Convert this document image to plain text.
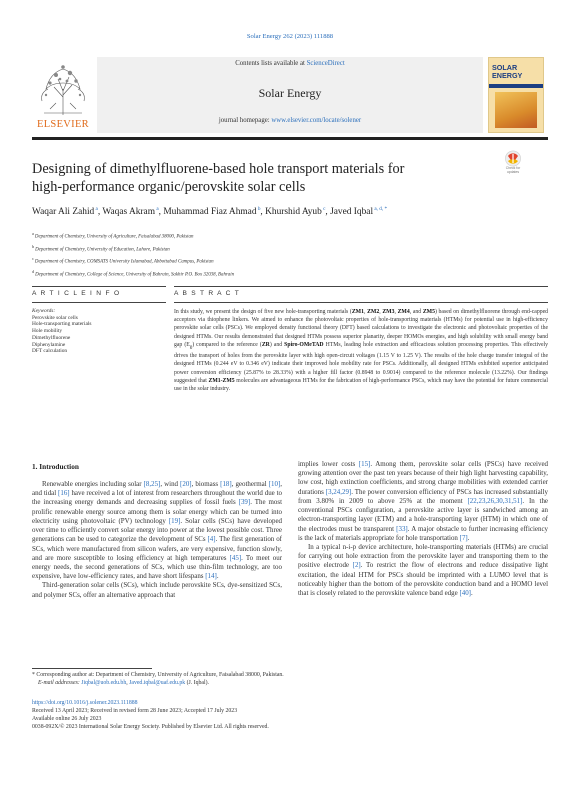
Solar Energy 262 (2023) 111888
ELSEVIER
Contents lists available at ScienceDirect
Solar Energy
journal homepage: www.elsevier.com/locate/solener
SOLAR
ENERGY
Designing of dimethylfluorene-based hole transport materials for
high-performance organic/perovskite solar cells
Check for
updates
Waqar Ali Zahid $^a$, Waqas Akram $^a$, Muhammad Fiaz Ahmad $^b$, Khurshid Ayub $^c$, Javed Iqbal $^{a, d, *}$
$^a$ Department of Chemistry, University of Agriculture, Faisalabad 38000, Pakistan
$^b$ Department of Chemistry, University of Education, Lahore, Pakistan
$^c$ Department of Chemistry, COMSATS University Islamabad, Abbottabad Campus, Pakistan
$^d$ Department of Chemistry, College of Science, University of Bahrain, Sakhir P.O. Box 32038, Bahrain
A R T I C L E I N F O	A B S T R A C T
Keywords:
Perovskite solar cells
Hole-transporting materials
Hole mobility
Dimethylfluorene
Diphenylamine
DFT calculation
In this study, we present the design of five new hole-transporting materials (ZM1, ZM2, ZM3, ZM4, and ZM5) based on dimethylfluorene through end-capped acceptors via thiophene linkers. We aimed to enhance the photovoltaic properties of hole-transporting materials (HTMs) for potential use in high-efficiency perovskite solar cells (PSCs). We employed density functional theory (DFT) based calculations to investigate the electronic and photovoltaic properties of the designed HTMs. Our results demonstrated that designed HTMs possess superior planarity, deeper HOMOs energies, and high solubility with small energy band gap $(E_g)$ compared to the reference (ZR) and Spiro-OMeTAD HTMs, leading hole extraction and efficacious solution processing properties. This effectively drives the transport of holes from the perovskite layer with high open-circuit voltages (1.15 V to 1.25 V). The results of the hole charge transfer integral of the designed HTMs (0.244 eV to 0.346 eV) indicate their improved hole mobility rate for PSCs. Additionally, all designed HTMs exhibited superior anticipated power conversion efficiency (25.87% to 28.33%) with a higher fill factor (0.8948 to 0.9014) compared to the reference molecule (13.22%). Our findings suggested that ZM1-ZM5 molecules are advantageous HTMs for the fabrication of high-performance PSCs, which may have the potential for future commercial use in the solar industry.
1. Introduction

Renewable energies including solar [8,25], wind [20], biomass [18], geothermal [10], and tidal [16] have received a lot of interest from researchers throughout the world due to the increasing energy demands and decreasing supplies of fossil fuels [39]. The most prolific renewable energy source among them is solar energy which can be turned into electricity using photovoltaic (PV) technology [19]. Solar cells (SCs) have developed over time to efficiently convert solar energy into power at the lowest possible cost. Three generations can be used to categorize the development of SCs [4]. The first generation of SCs, which were manufactured from silicon wafers, are very expensive, function slowly, and are more susceptible to losing efficiency at high temperatures [45]. To meet our energy needs, the second generations of SCs, which use thin-film technology, are too expensive, have low-efficiency rates, and have short lifespans [14].

Third-generation solar cells (SCs), which include perovskite SCs, dye-sensitized SCs, and polymer SCs, offer an alternative approach that

implies lower costs [15]. Among them, perovskite solar cells (PSCs) have received growing attention over the past ten years because of their high light harvesting capability, low cost, high extinction coefficients, and strong charge mobilities with extended carrier durations [3,24,29]. The power conversion efficiency of PSCs has increased substantially from 3.80% in 2009 to above 25% at the moment [22,23,26,30,31,51]. In the conventional PSCs configuration, a perovskite active layer is sandwiched among an electron-transporting layer (ETM) and a hole-transporting layer (HTM) in which one of the electrodes must be transparent [33]. A major obstacle to further increasing efficiency is the lack of materials appropriate for hole transportation [7].

In a typical n-i-p device architecture, hole-transporting materials (HTMs) are crucial for carrying out hole extraction from the perovskite layer and transporting them to the positive electrode [2]. To restrict the flow of electrons and reduce dissipative light excitation, the ideal HTM for PSCs should be imprinted with a LUMO level that is noticeably higher than the bottom of the perovskite conduction band and a HOMO level that is closely related to the perovskite valence band edge [40].

* Corresponding author at: Department of Chemistry, University of Agriculture, Faisalabad 38000, Pakistan.
E-mail addresses: Jiqbal@uob.edu.bh, Javed.iqbal@uaf.edu.pk (J. Iqbal).
https://doi.org/10.1016/j.solener.2023.111888
Received 13 April 2023; Received in revised form 28 June 2023; Accepted 17 July 2023
Available online 26 July 2023
0038-092X/© 2023 International Solar Energy Society. Published by Elsevier Ltd. All rights reserved.
